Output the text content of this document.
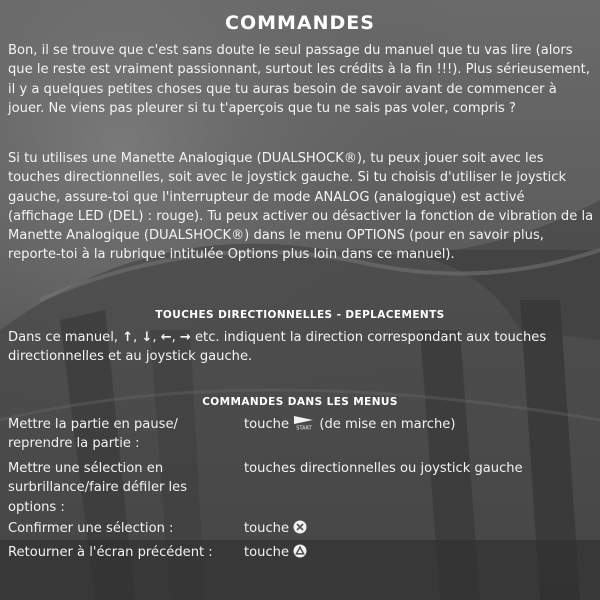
COMMANDES

Bon, il se trouve que c'est sans doute le seul passage du manuel que tu vas lire (alors que le reste est vraiment passionnant, surtout les crédits à la fin !!!). Plus sérieusement, il y a quelques petites choses que tu auras besoin de savoir avant de commencer à jouer. Ne viens pas pleurer si tu t'aperçois que tu ne sais pas voler, compris ?

Si tu utilises une Manette Analogique (DUALSHOCK®), tu peux jouer soit avec les touches directionnelles, soit avec le joystick gauche. Si tu choisis d'utiliser le joystick gauche, assure-toi que l'interrupteur de mode ANALOG (analogique) est activé (affichage LED (DEL) : rouge). Tu peux activer ou désactiver la fonction de vibration de la Manette Analogique (DUALSHOCK®) dans le menu OPTIONS (pour en savoir plus, reporte-toi à la rubrique intitulée Options plus loin dans ce manuel).

TOUCHES DIRECTIONNELLES - DEPLACEMENTS

Dans ce manuel, ↑, ↓, ←, → etc. indiquent la direction correspondant aux touches directionnelles et au joystick gauche.

COMMANDES DANS LES MENUS
Mettre la partie en pause/ reprendre la partie :
touche START (de mise en marche)
Mettre une sélection en surbrillance/faire défiler les options :
touches directionnelles ou joystick gauche
Confirmer une sélection :	touche
Retourner à l'écran précédent :	touche
